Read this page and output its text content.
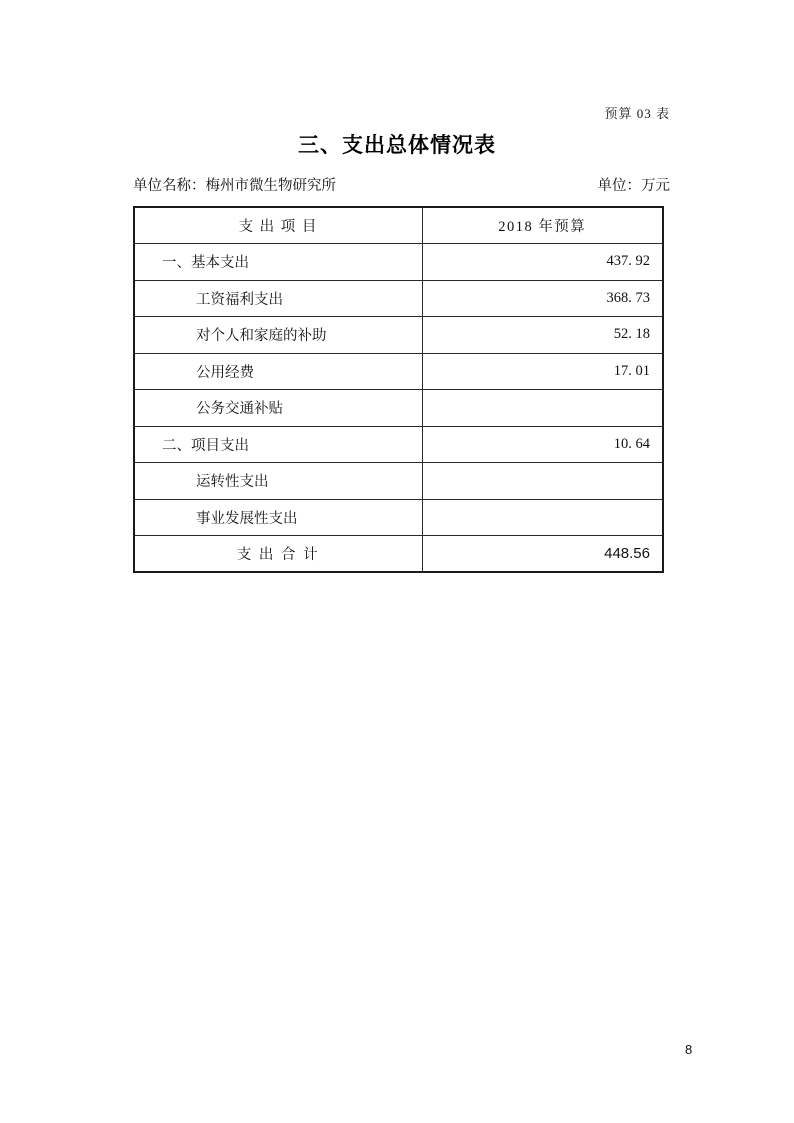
预算 03 表
三、支出总体情况表
单位名称：梅州市微生物研究所	单位：万元
支 出 项 目	2018 年预算
一、基本支出	437. 92
工资福利支出	368. 73
对个人和家庭的补助	52. 18
公用经费	17. 01
公务交通补贴	
二、项目支出	10. 64
运转性支出	
事业发展性支出	
支 出 合 计	448.56
8
